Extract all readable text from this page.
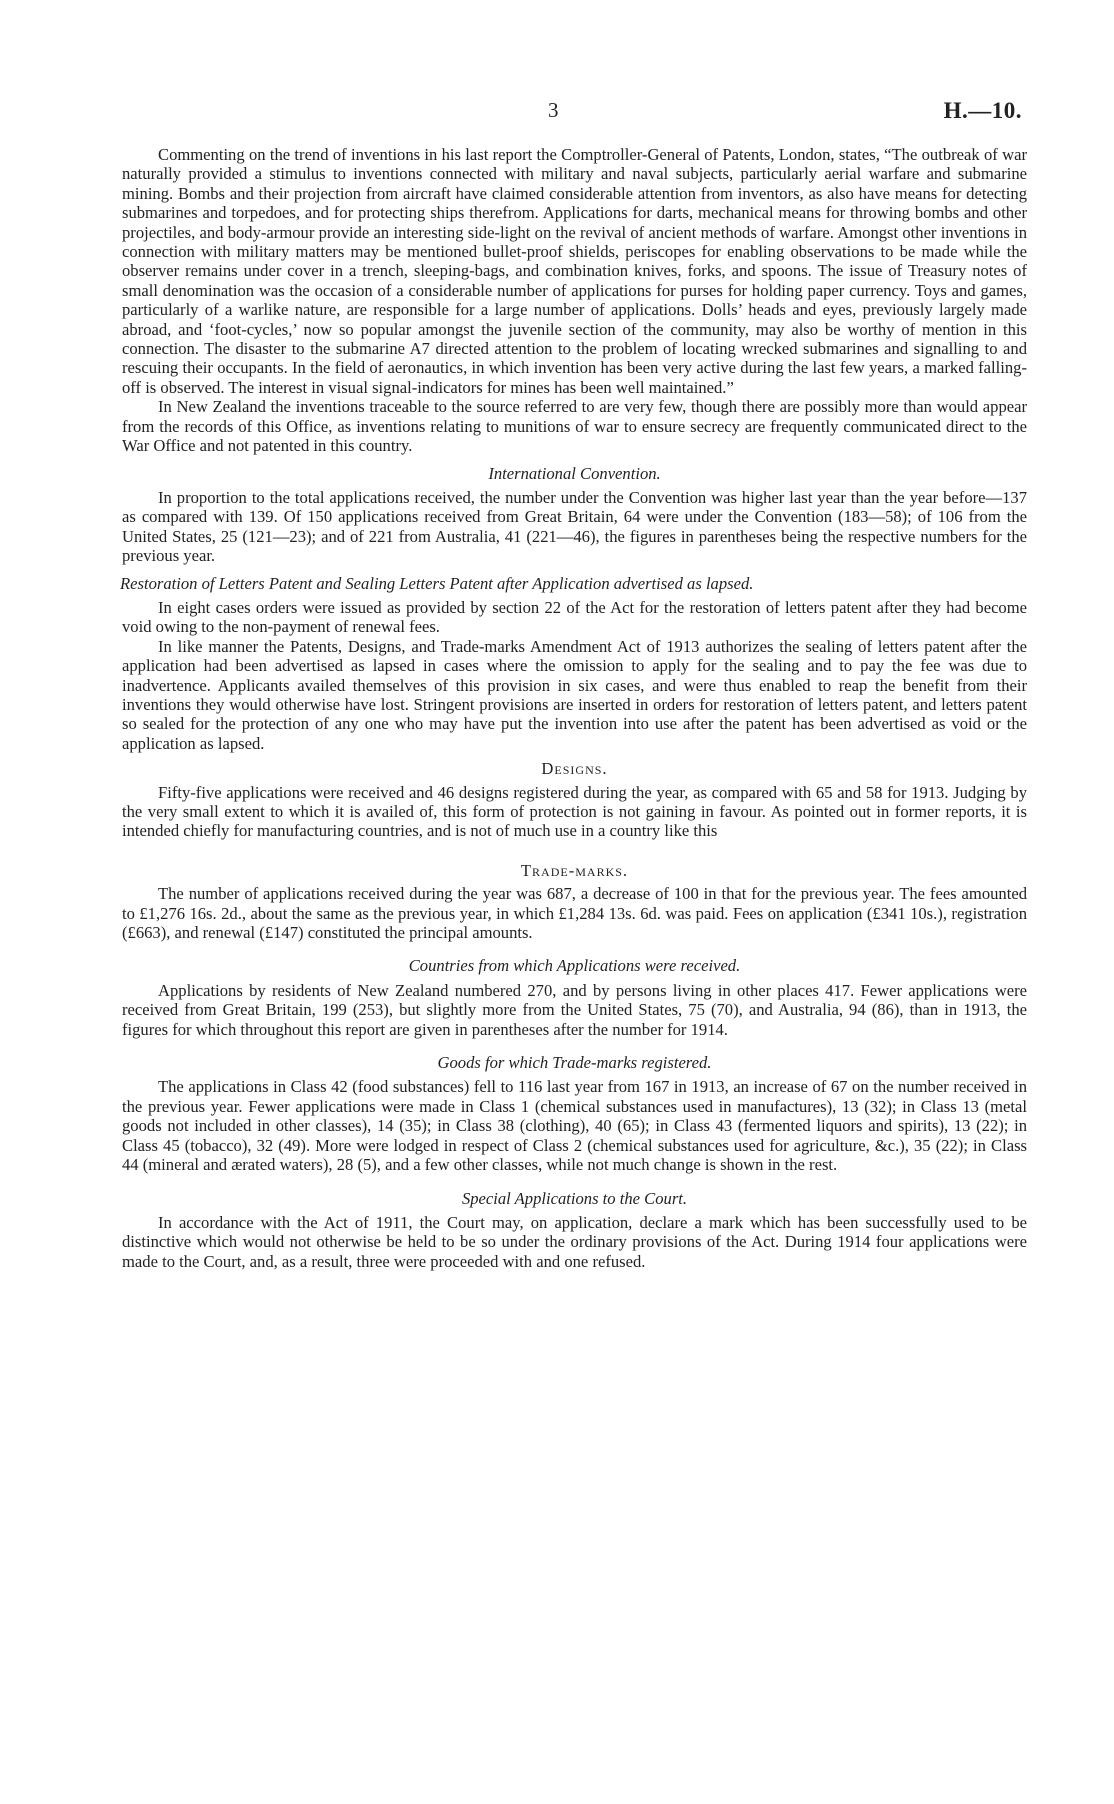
3	H.—10.

Commenting on the trend of inventions in his last report the Comptroller-General of Patents, London, states, “The outbreak of war naturally provided a stimulus to inventions connected with military and naval subjects, particularly aerial warfare and submarine mining. Bombs and their projection from aircraft have claimed considerable attention from inventors, as also have means for detecting submarines and torpedoes, and for protecting ships therefrom. Applications for darts, mechanical means for throwing bombs and other projectiles, and body-armour provide an interesting side-light on the revival of ancient methods of warfare. Amongst other inventions in connection with military matters may be mentioned bullet-proof shields, periscopes for enabling observations to be made while the observer remains under cover in a trench, sleeping-bags, and combination knives, forks, and spoons. The issue of Treasury notes of small denomination was the occasion of a considerable number of applications for purses for holding paper currency. Toys and games, particularly of a warlike nature, are responsible for a large number of applications. Dolls’ heads and eyes, previously largely made abroad, and ‘foot-cycles,’ now so popular amongst the juvenile section of the community, may also be worthy of mention in this connection. The disaster to the submarine A7 directed attention to the problem of locating wrecked submarines and signalling to and rescuing their occupants. In the field of aeronautics, in which invention has been very active during the last few years, a marked falling-off is observed. The interest in visual signal-indicators for mines has been well maintained.”

In New Zealand the inventions traceable to the source referred to are very few, though there are possibly more than would appear from the records of this Office, as inventions relating to munitions of war to ensure secrecy are frequently communicated direct to the War Office and not patented in this country.

International Convention.

In proportion to the total applications received, the number under the Convention was higher last year than the year before—137 as compared with 139. Of 150 applications received from Great Britain, 64 were under the Convention (183—58); of 106 from the United States, 25 (121—23); and of 221 from Australia, 41 (221—46), the figures in parentheses being the respective numbers for the previous year.

Restoration of Letters Patent and Sealing Letters Patent after Application advertised as lapsed.

In eight cases orders were issued as provided by section 22 of the Act for the restoration of letters patent after they had become void owing to the non-payment of renewal fees.

In like manner the Patents, Designs, and Trade-marks Amendment Act of 1913 authorizes the sealing of letters patent after the application had been advertised as lapsed in cases where the omission to apply for the sealing and to pay the fee was due to inadvertence. Applicants availed themselves of this provision in six cases, and were thus enabled to reap the benefit from their inventions they would otherwise have lost. Stringent provisions are inserted in orders for restoration of letters patent, and letters patent so sealed for the protection of any one who may have put the invention into use after the patent has been advertised as void or the application as lapsed.

Designs.

Fifty-five applications were received and 46 designs registered during the year, as compared with 65 and 58 for 1913. Judging by the very small extent to which it is availed of, this form of protection is not gaining in favour. As pointed out in former reports, it is intended chiefly for manufacturing countries, and is not of much use in a country like this

Trade-marks.

The number of applications received during the year was 687, a decrease of 100 in that for the previous year. The fees amounted to £1,276 16s. 2d., about the same as the previous year, in which £1,284 13s. 6d. was paid. Fees on application (£341 10s.), registration (£663), and renewal (£147) constituted the principal amounts.

Countries from which Applications were received.

Applications by residents of New Zealand numbered 270, and by persons living in other places 417. Fewer applications were received from Great Britain, 199 (253), but slightly more from the United States, 75 (70), and Australia, 94 (86), than in 1913, the figures for which throughout this report are given in parentheses after the number for 1914.

Goods for which Trade-marks registered.

The applications in Class 42 (food substances) fell to 116 last year from 167 in 1913, an increase of 67 on the number received in the previous year. Fewer applications were made in Class 1 (chemical substances used in manufactures), 13 (32); in Class 13 (metal goods not included in other classes), 14 (35); in Class 38 (clothing), 40 (65); in Class 43 (fermented liquors and spirits), 13 (22); in Class 45 (tobacco), 32 (49). More were lodged in respect of Class 2 (chemical substances used for agriculture, &c.), 35 (22); in Class 44 (mineral and ærated waters), 28 (5), and a few other classes, while not much change is shown in the rest.

Special Applications to the Court.

In accordance with the Act of 1911, the Court may, on application, declare a mark which has been successfully used to be distinctive which would not otherwise be held to be so under the ordinary provisions of the Act. During 1914 four applications were made to the Court, and, as a result, three were proceeded with and one refused.
